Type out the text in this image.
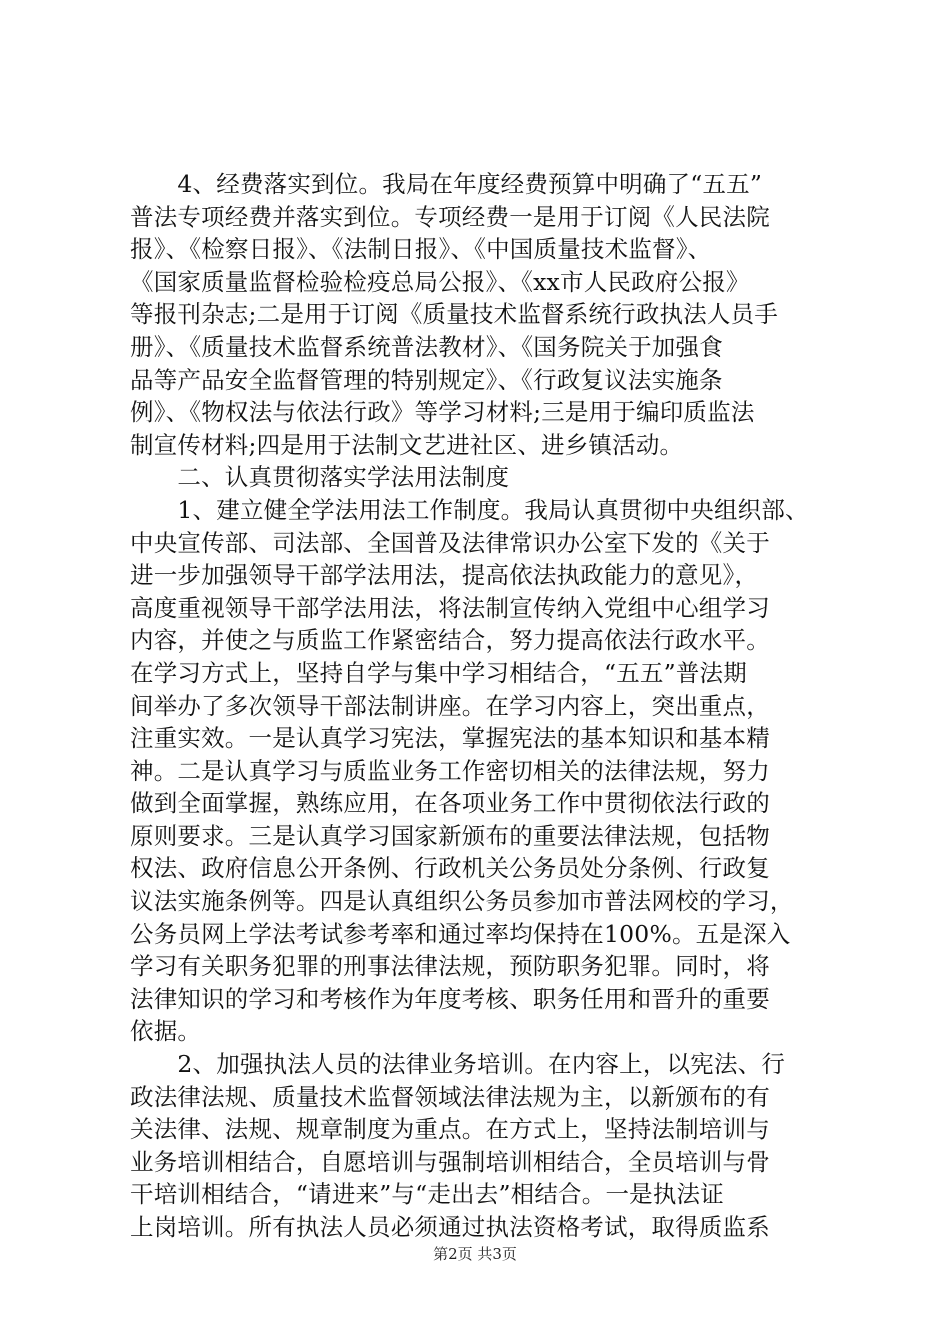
　　4、经费落实到位。我局在年度经费预算中明确了“五五”
普法专项经费并落实到位。专项经费一是用于订阅《人民法院
报》、《检察日报》、《法制日报》、《中国质量技术监督》、
《国家质量监督检验检疫总局公报》、《xx市人民政府公报》
等报刊杂志;二是用于订阅《质量技术监督系统行政执法人员手
册》、《质量技术监督系统普法教材》、《国务院关于加强食
品等产品安全监督管理的特别规定》、《行政复议法实施条
例》、《物权法与依法行政》等学习材料;三是用于编印质监法
制宣传材料;四是用于法制文艺进社区、进乡镇活动。
　　二、认真贯彻落实学法用法制度
　　1、建立健全学法用法工作制度。我局认真贯彻中央组织部、
中央宣传部、司法部、全国普及法律常识办公室下发的《关于
进一步加强领导干部学法用法，提高依法执政能力的意见》，
高度重视领导干部学法用法，将法制宣传纳入党组中心组学习
内容，并使之与质监工作紧密结合，努力提高依法行政水平。
在学习方式上，坚持自学与集中学习相结合，“五五”普法期
间举办了多次领导干部法制讲座。在学习内容上，突出重点，
注重实效。一是认真学习宪法，掌握宪法的基本知识和基本精
神。二是认真学习与质监业务工作密切相关的法律法规，努力
做到全面掌握，熟练应用，在各项业务工作中贯彻依法行政的
原则要求。三是认真学习国家新颁布的重要法律法规，包括物
权法、政府信息公开条例、行政机关公务员处分条例、行政复
议法实施条例等。四是认真组织公务员参加市普法网校的学习，
公务员网上学法考试参考率和通过率均保持在100%。五是深入
学习有关职务犯罪的刑事法律法规，预防职务犯罪。同时，将
法律知识的学习和考核作为年度考核、职务任用和晋升的重要
依据。
　　2、加强执法人员的法律业务培训。在内容上，以宪法、行
政法律法规、质量技术监督领域法律法规为主，以新颁布的有
关法律、法规、规章制度为重点。在方式上，坚持法制培训与
业务培训相结合，自愿培训与强制培训相结合，全员培训与骨
干培训相结合，“请进来”与“走出去”相结合。一是执法证
上岗培训。所有执法人员必须通过执法资格考试，取得质监系
第2页 共3页
